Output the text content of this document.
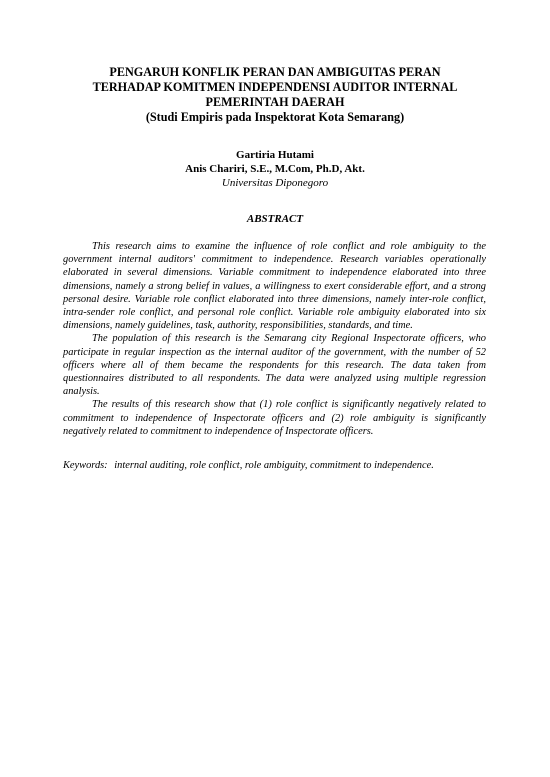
PENGARUH KONFLIK PERAN DAN AMBIGUITAS PERAN
TERHADAP KOMITMEN INDEPENDENSI AUDITOR INTERNAL
PEMERINTAH DAERAH
(Studi Empiris pada Inspektorat Kota Semarang)
Gartiria Hutami
Anis Chariri, S.E., M.Com, Ph.D, Akt.
Universitas Diponegoro
ABSTRACT

This research aims to examine the influence of role conflict and role ambiguity to the government internal auditors' commitment to independence. Research variables operationally elaborated in several dimensions. Variable commitment to independence elaborated into three dimensions, namely a strong belief in values, a willingness to exert considerable effort, and a strong personal desire. Variable role conflict elaborated into three dimensions, namely inter-role conflict, intra-sender role conflict, and personal role conflict. Variable role ambiguity elaborated into six dimensions, namely guidelines, task, authority, responsibilities, standards, and time.

The population of this research is the Semarang city Regional Inspectorate officers, who participate in regular inspection as the internal auditor of the government, with the number of 52 officers where all of them became the respondents for this research. The data taken from questionnaires distributed to all respondents. The data were analyzed using multiple regression analysis.

The results of this research show that (1) role conflict is significantly negatively related to commitment to independence of Inspectorate officers and (2) role ambiguity is significantly negatively related to commitment to independence of Inspectorate officers.

Keywords: internal auditing, role conflict, role ambiguity, commitment to independence.
